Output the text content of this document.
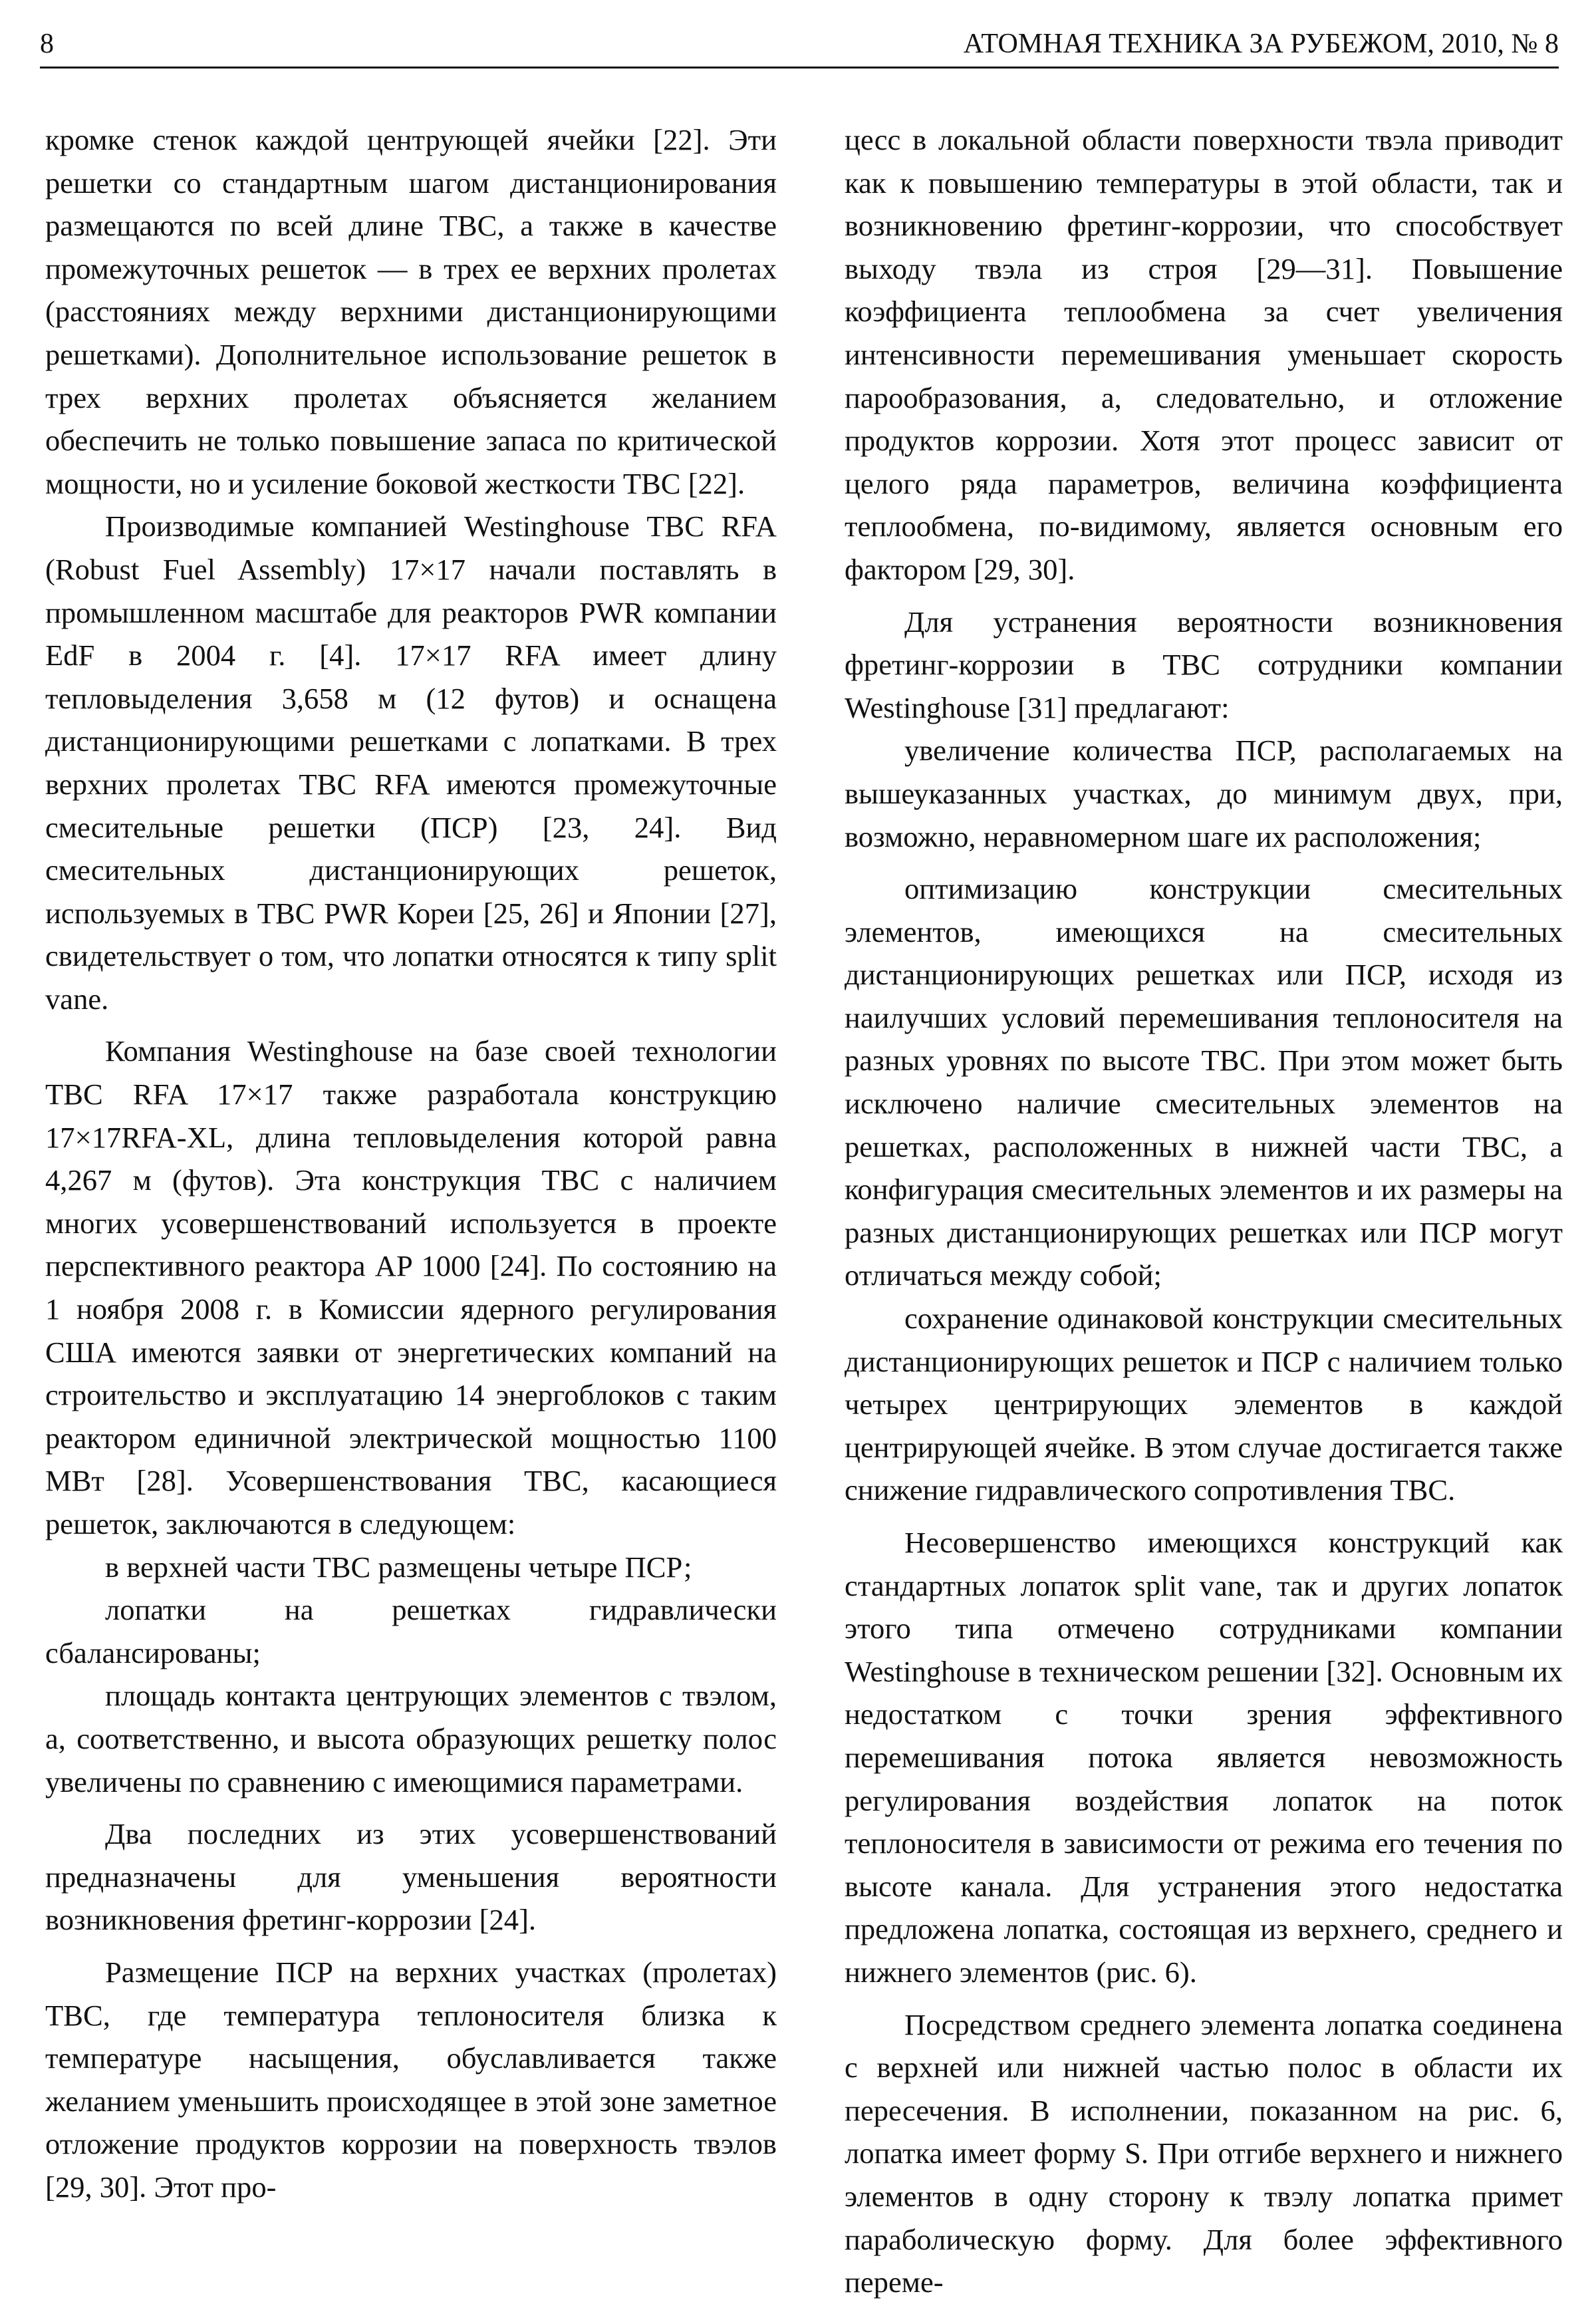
8	АТОМНАЯ ТЕХНИКА ЗА РУБЕЖОМ, 2010, № 8

кромке стенок каждой центрующей ячейки [22]. Эти решетки со стандартным шагом дистанционирования размещаются по всей длине ТВС, а также в качестве промежуточных решеток — в трех ее верхних пролетах (расстояниях между верхними дистанционирующими решетками). Дополнительное использование решеток в трех верхних пролетах объясняется желанием обеспечить не только повышение запаса по критической мощности, но и усиление боковой жесткости ТВС [22].

Производимые компанией Westinghouse ТВС RFA (Robust Fuel Assembly) 17×17 начали поставлять в промышленном масштабе для реакторов PWR компании EdF в 2004 г. [4]. 17×17 RFA имеет длину тепловыделения 3,658 м (12 футов) и оснащена дистанционирующими решетками с лопатками. В трех верхних пролетах ТВС RFA имеются промежуточные смесительные решетки (ПСР) [23, 24]. Вид смесительных дистанционирующих решеток, используемых в ТВС PWR Кореи [25, 26] и Японии [27], свидетельствует о том, что лопатки относятся к типу split vane.

Компания Westinghouse на базе своей технологии ТВС RFA 17×17 также разработала конструкцию 17×17RFA-XL, длина тепловыделения которой равна 4,267 м (футов). Эта конструкция ТВС с наличием многих усовершенствований используется в проекте перспективного реактора AP 1000 [24]. По состоянию на 1 ноября 2008 г. в Комиссии ядерного регулирования США имеются заявки от энергетических компаний на строительство и эксплуатацию 14 энергоблоков с таким реактором единичной электрической мощностью 1100 МВт [28]. Усовершенствования ТВС, касающиеся решеток, заключаются в следующем:

в верхней части ТВС размещены четыре ПСР;

лопатки на решетках гидравлически сбалансированы;

площадь контакта центрующих элементов с твэлом, а, соответственно, и высота образующих решетку полос увеличены по сравнению с имеющимися параметрами.

Два последних из этих усовершенствований предназначены для уменьшения вероятности возникновения фретинг-коррозии [24].

Размещение ПСР на верхних участках (пролетах) ТВС, где температура теплоносителя близка к температуре насыщения, обуславливается также желанием уменьшить происходящее в этой зоне заметное отложение продуктов коррозии на поверхность твэлов [29, 30]. Этот про-

цесс в локальной области поверхности твэла приводит как к повышению температуры в этой области, так и возникновению фретинг-коррозии, что способствует выходу твэла из строя [29—31]. Повышение коэффициента теплообмена за счет увеличения интенсивности перемешивания уменьшает скорость парообразования, а, следовательно, и отложение продуктов коррозии. Хотя этот процесс зависит от целого ряда параметров, величина коэффициента теплообмена, по-видимому, является основным его фактором [29, 30].

Для устранения вероятности возникновения фретинг-коррозии в ТВС сотрудники компании Westinghouse [31] предлагают:

увеличение количества ПСР, располагаемых на вышеуказанных участках, до минимум двух, при, возможно, неравномерном шаге их расположения;

оптимизацию конструкции смесительных элементов, имеющихся на смесительных дистанционирующих решетках или ПСР, исходя из наилучших условий перемешивания теплоносителя на разных уровнях по высоте ТВС. При этом может быть исключено наличие смесительных элементов на решетках, расположенных в нижней части ТВС, а конфигурация смесительных элементов и их размеры на разных дистанционирующих решетках или ПСР могут отличаться между собой;

сохранение одинаковой конструкции смесительных дистанционирующих решеток и ПСР с наличием только четырех центрирующих элементов в каждой центрирующей ячейке. В этом случае достигается также снижение гидравлического сопротивления ТВС.

Несовершенство имеющихся конструкций как стандартных лопаток split vane, так и других лопаток этого типа отмечено сотрудниками компании Westinghouse в техническом решении [32]. Основным их недостатком с точки зрения эффективного перемешивания потока является невозможность регулирования воздействия лопаток на поток теплоносителя в зависимости от режима его течения по высоте канала. Для устранения этого недостатка предложена лопатка, состоящая из верхнего, среднего и нижнего элементов (рис. 6).

Посредством среднего элемента лопатка соединена с верхней или нижней частью полос в области их пересечения. В исполнении, показанном на рис. 6, лопатка имеет форму S. При отгибе верхнего и нижнего элементов в одну сторону к твэлу лопатка примет параболическую форму. Для более эффективного переме-
